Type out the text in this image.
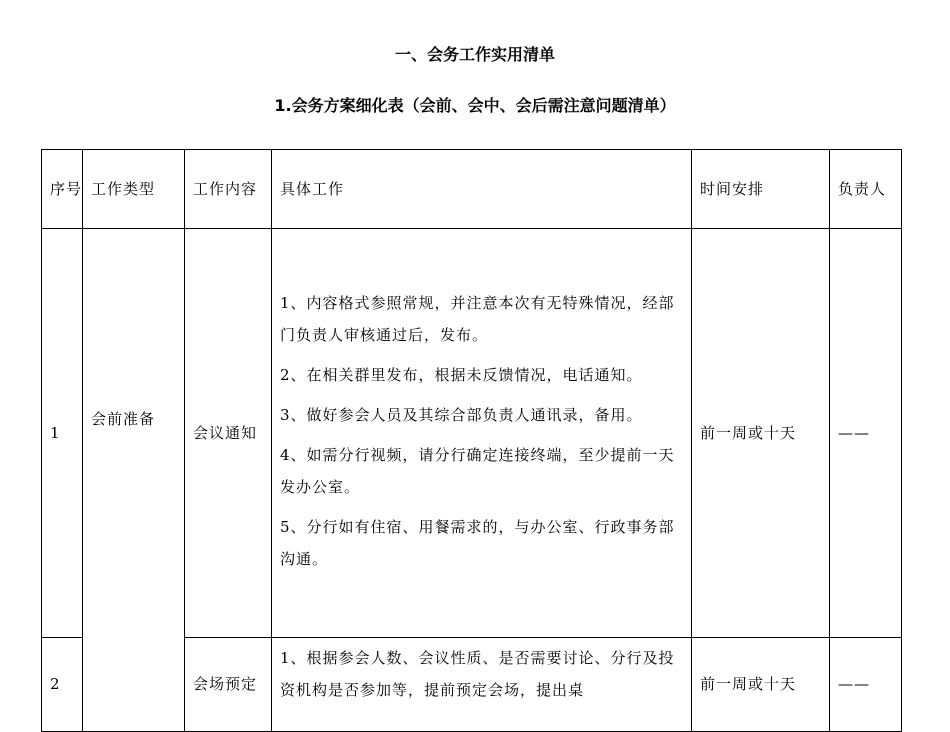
一、会务工作实用清单
1.会务方案细化表（会前、会中、会后需注意问题清单）
序号	工作类型	工作内容	具体工作	时间安排	负责人
1	会前准备	会议通知	1、内容格式参照常规，并注意本次有无特殊情况，经部门负责人审核通过后，发布。

2、在相关群里发布，根据未反馈情况，电话通知。

3、做好参会人员及其综合部负责人通讯录，备用。

4、如需分行视频，请分行确定连接终端，至少提前一天发办公室。

5、分行如有住宿、用餐需求的，与办公室、行政事务部沟通。	前一周或十天	——
2		会场预定	1、根据参会人数、会议性质、是否需要讨论、分行及投资机构是否参加等，提前预定会场，提出桌	前一周或十天	——
